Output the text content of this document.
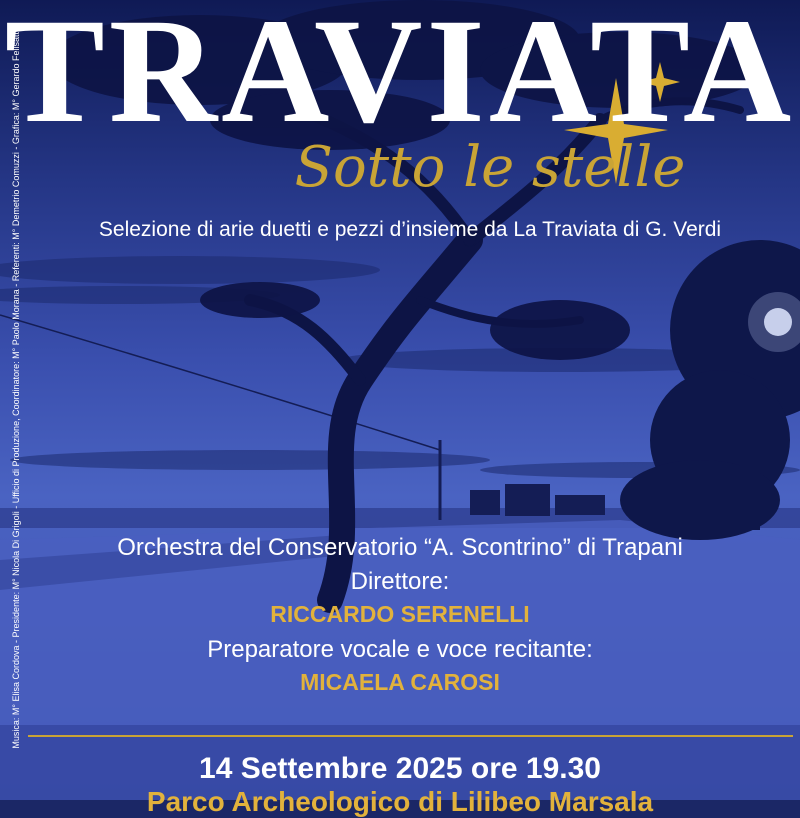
Musica: M° Elisa Cordova - Presidente: M° Nicola Di Grigoli - Ufficio di Produzione, Coordinatore: M° Paolo Morana - Referenti: M° Demetrio Comuzzi - Grafica: M° Gerardo Felisatti
TRAVIATA
Sotto le stelle
Selezione di arie duetti e pezzi d’insieme da La Traviata di G. Verdi
Orchestra del Conservatorio “A. Scontrino” di Trapani
Direttore:
RICCARDO SERENELLI
Preparatore vocale e voce recitante:
MICAELA CAROSI
14 Settembre 2025 ore 19.30
Parco Archeologico di Lilibeo Marsala
